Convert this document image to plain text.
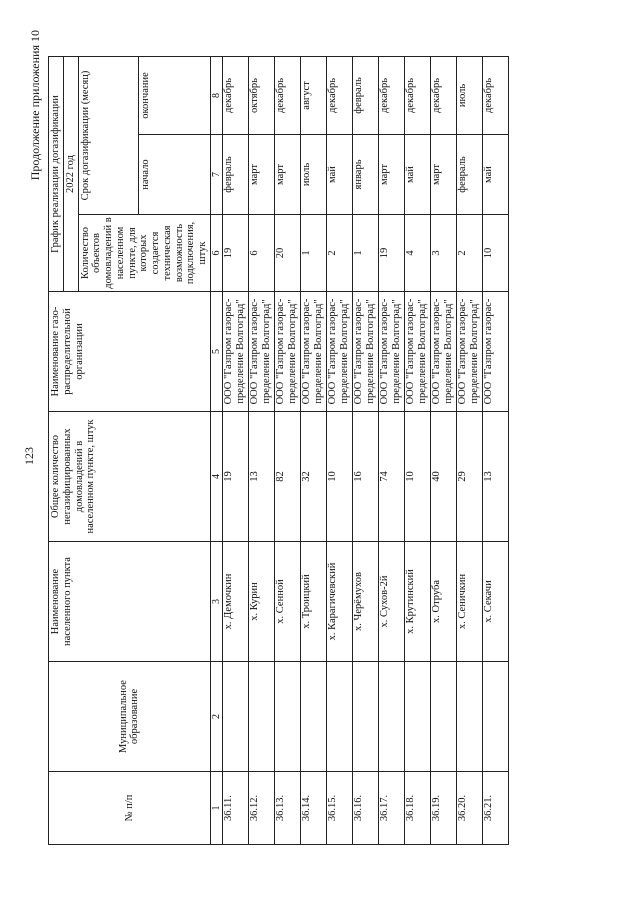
123
Продолжение приложения 10
№ п/п	Муниципальное образование	Наименование населенного пункта	Общее количество негазифицированных домовладений в населенном пункте, штук	Наименование газо-распределительной организации	График реализации догазификации		
					2022 год		
					Количество объектов домовладений в населенном пункте, для которых создается техническая возможность подключения, штук	Срок догазификации (месяц)	
						начало	окончание
1	2	3	4	5	6	7	8
36.11.		х. Демочкин	19	ООО "Газпром газорас-пределение Волгоград"	19	февраль	декабрь
36.12.		х. Курин	13	ООО "Газпром газорас-пределение Волгоград"	6	март	октябрь
36.13.		х. Сенной	82	ООО "Газпром газорас-пределение Волгоград"	20	март	декабрь
36.14.		х. Троицкий	32	ООО "Газпром газорас-пределение Волгоград"	1	июль	август
36.15.		х. Карагичевский	10	ООО "Газпром газорас-пределение Волгоград"	2	май	декабрь
36.16.		х. Черёмухов	16	ООО "Газпром газорас-пределение Волгоград"	1	январь	февраль
36.17.		х. Сухов-2й	74	ООО "Газпром газорас-пределение Волгоград"	19	март	декабрь
36.18.		х. Крутинский	10	ООО "Газпром газорас-пределение Волгоград"	4	май	декабрь
36.19.		х. Отруба	40	ООО "Газпром газорас-пределение Волгоград"	3	март	декабрь
36.20.		х. Сеничкин	29	ООО "Газпром газорас-пределение Волгоград"	2	февраль	июль
36.21.		х. Секачи	13	ООО "Газпром газорас-	10	май	декабрь
